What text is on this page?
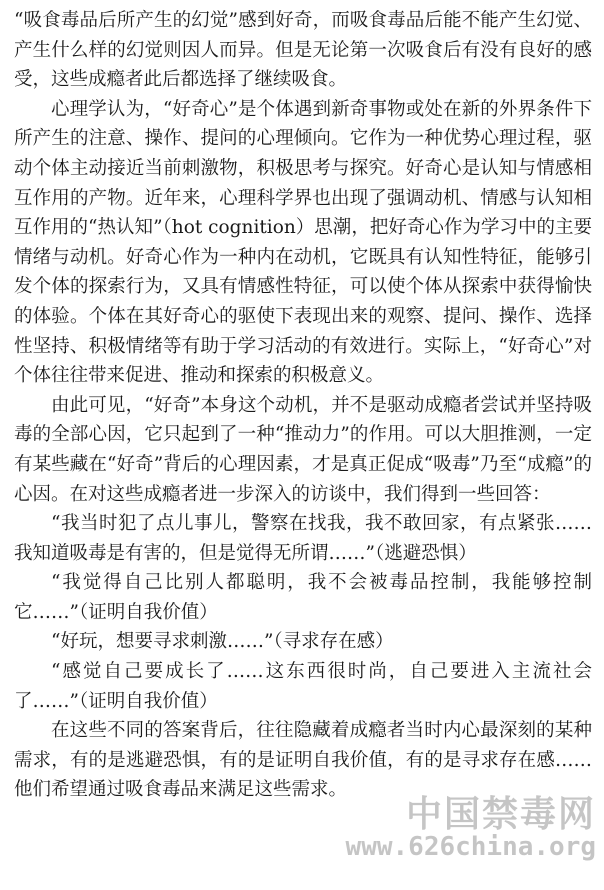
“吸食毒品后所产生的幻觉”感到好奇，而吸食毒品后能不能产生幻觉、产生什么样的幻觉则因人而异。但是无论第一次吸食后有没有良好的感受，这些成瘾者此后都选择了继续吸食。

心理学认为，“好奇心”是个体遇到新奇事物或处在新的外界条件下所产生的注意、操作、提问的心理倾向。它作为一种优势心理过程，驱动个体主动接近当前刺激物，积极思考与探究。好奇心是认知与情感相互作用的产物。近年来，心理科学界也出现了强调动机、情感与认知相互作用的“热认知”（hot cognition）思潮，把好奇心作为学习中的主要情绪与动机。好奇心作为一种内在动机，它既具有认知性特征，能够引发个体的探索行为，又具有情感性特征，可以使个体从探索中获得愉快的体验。个体在其好奇心的驱使下表现出来的观察、提问、操作、选择性坚持、积极情绪等有助于学习活动的有效进行。实际上，“好奇心”对个体往往带来促进、推动和探索的积极意义。

由此可见，“好奇”本身这个动机，并不是驱动成瘾者尝试并坚持吸毒的全部心因，它只起到了一种“推动力”的作用。可以大胆推测，一定有某些藏在“好奇”背后的心理因素，才是真正促成“吸毒”乃至“成瘾”的心因。在对这些成瘾者进一步深入的访谈中，我们得到一些回答：

“我当时犯了点儿事儿，警察在找我，我不敢回家，有点紧张……我知道吸毒是有害的，但是觉得无所谓……”（逃避恐惧）

“我觉得自己比别人都聪明，我不会被毒品控制，我能够控制它……”（证明自我价值）

“好玩，想要寻求刺激……”（寻求存在感）

“感觉自己要成长了……这东西很时尚，自己要进入主流社会了……”（证明自我价值）

在这些不同的答案背后，往往隐藏着成瘾者当时内心最深刻的某种需求，有的是逃避恐惧，有的是证明自我价值，有的是寻求存在感……他们希望通过吸食毒品来满足这些需求。

中国禁毒网
www.626china.org
